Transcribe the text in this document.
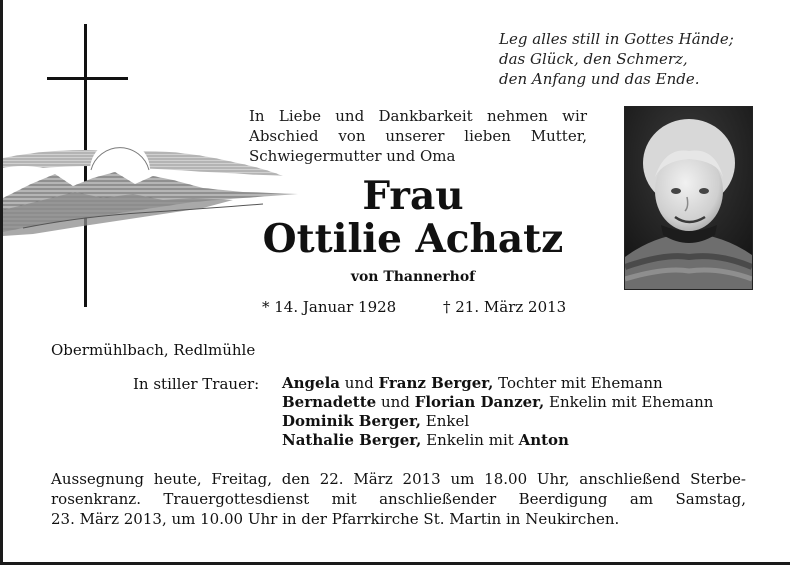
Leg alles still in Gottes Hände;
das Glück, den Schmerz,
den Anfang und das Ende.
In Liebe und Dankbarkeit nehmen wir
Abschied von unserer lieben Mutter,
Schwiegermutter und Oma
Frau
Ottilie Achatz
von Thannerhof
* 14. Januar 1928	† 21. März 2013
Obermühlbach, Redlmühle
In stiller Trauer: Angela und Franz Berger, Tochter mit Ehemann
Bernadette und Florian Danzer, Enkelin mit Ehemann
Dominik Berger, Enkel
Nathalie Berger, Enkelin mit Anton
Aussegnung heute, Freitag, den 22. März 2013 um 18.00 Uhr, anschließend Sterbe-
rosenkranz. Trauergottesdienst mit anschließender Beerdigung am Samstag,
23. März 2013, um 10.00 Uhr in der Pfarrkirche St. Martin in Neukirchen.
